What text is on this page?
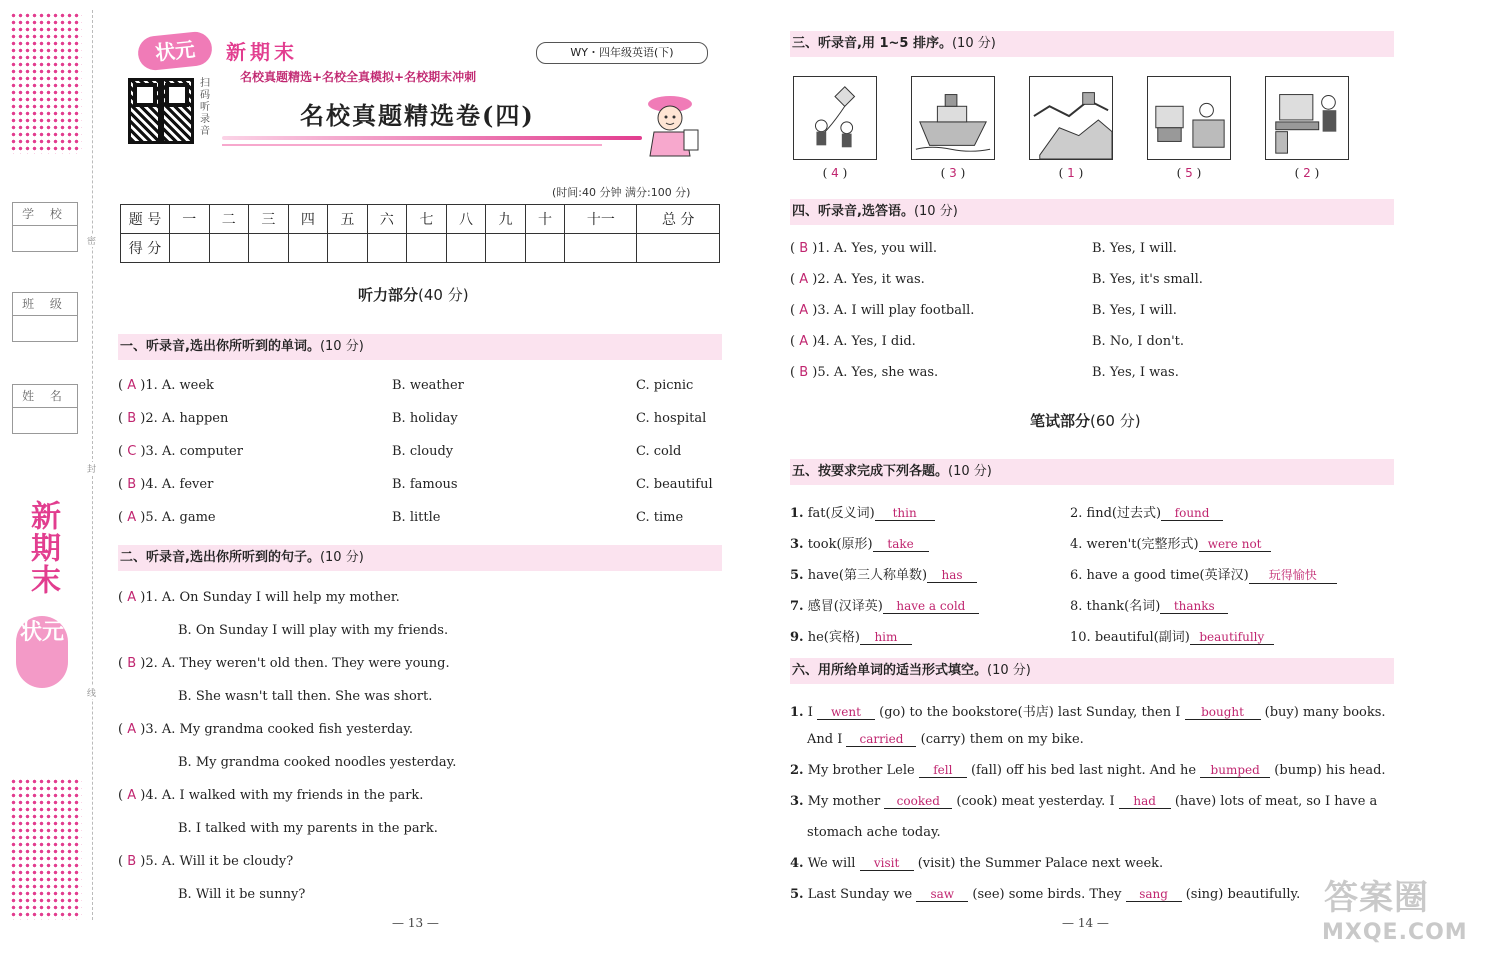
学 校
班 级
姓 名
密
封
线
新期末
状元
状元	新期末	WY・四年级英语(下)
名校真题精选+名校全真模拟+名校期末冲刺
扫码听录音
名校真题精选卷(四)
(时间:40 分钟 满分:100 分)
题 号	一	二	三	四	五	六	七	八	九	十	十一	总 分
得 分												
听力部分(40 分)
一、听录音,选出你所听到的单词。(10 分)
( A )1. A. week	B. weather	C. picnic
( B )2. A. happen	B. holiday	C. hospital
( C )3. A. computer	B. cloudy	C. cold
( B )4. A. fever	B. famous	C. beautiful
( A )5. A. game	B. little	C. time
二、听录音,选出你所听到的句子。(10 分)
( A )1. A. On Sunday I will help my mother.
B. On Sunday I will play with my friends.
( B )2. A. They weren't old then. They were young.
B. She wasn't tall then. She was short.
( A )3. A. My grandma cooked fish yesterday.
B. My grandma cooked noodles yesterday.
( A )4. A. I walked with my friends in the park.
B. I talked with my parents in the park.
( B )5. A. Will it be cloudy?
B. Will it be sunny?
— 13 —
三、听录音,用 1~5 排序。(10 分)
( 4 )	( 3 )	( 1 )	( 5 )	( 2 )
四、听录音,选答语。(10 分)
( B )1. A. Yes, you will.	B. Yes, I will.
( A )2. A. Yes, it was.	B. Yes, it's small.
( A )3. A. I will play football.	B. Yes, I will.
( A )4. A. Yes, I did.	B. No, I don't.
( B )5. A. Yes, she was.	B. Yes, I was.
笔试部分(60 分)
五、按要求完成下列各题。(10 分)
1. fat(反义词) thin	2. find(过去式) found
3. took(原形) take	4. weren't(完整形式) were not
5. have(第三人称单数) has	6. have a good time(英译汉) 玩得愉快
7. 感冒(汉译英) have a cold	8. thank(名词) thanks
9. he(宾格) him	10. beautiful(副词) beautifully
六、用所给单词的适当形式填空。(10 分)
1. I went (go) to the bookstore(书店) last Sunday, then I bought (buy) many books.
And I carried (carry) them on my bike.
2. My brother Lele fell (fall) off his bed last night. And he bumped (bump) his head.
3. My mother cooked (cook) meat yesterday. I had (have) lots of meat, so I have a
stomach ache today.
4. We will visit (visit) the Summer Palace next week.
5. Last Sunday we saw (see) some birds. They sang (sing) beautifully.
— 14 —
答案圈
MXQE.COM
